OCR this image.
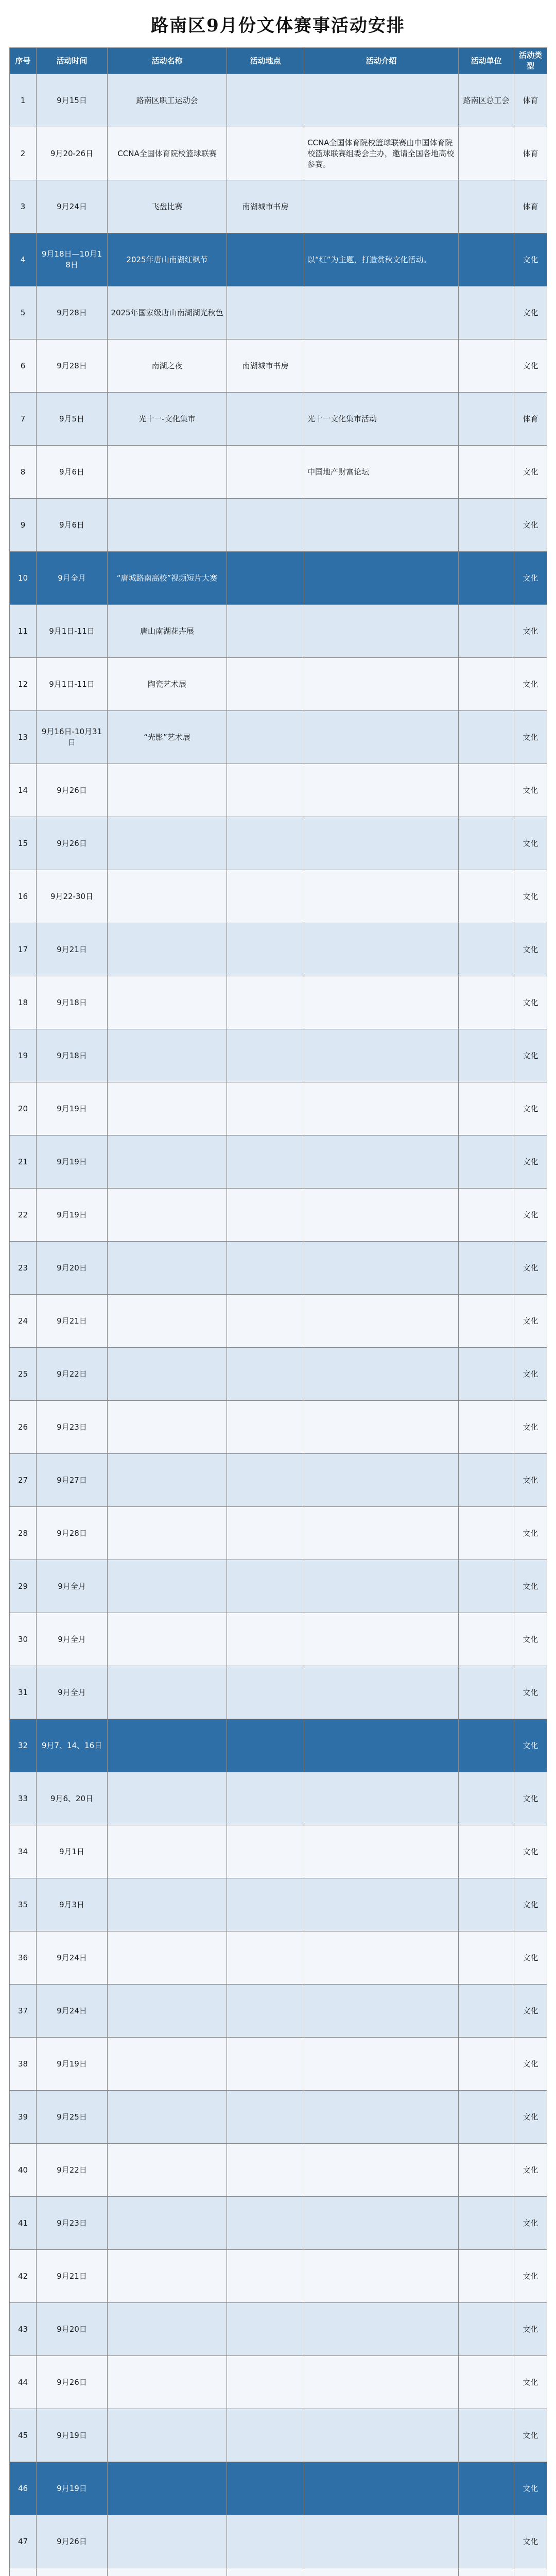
路南区9月份文体赛事活动安排
序号	活动时间	活动名称	活动地点	活动介绍	活动单位	活动类型
1	9月15日	路南区职工运动会			路南区总工会	体育
2	9月20-26日	CCNA全国体育院校篮球联赛		CCNA全国体育院校篮球联赛由中国体育院校篮球联赛组委会主办，邀请全国各地高校参赛。		体育
3	9月24日	飞盘比赛	南湖城市书房			体育
4	9月18日—10月18日	2025年唐山南湖红枫节		以“红”为主题，打造赏秋文化活动。		文化
5	9月28日	2025年国家级唐山南湖湖光秋色				文化
6	9月28日	南湖之夜	南湖城市书房			文化
7	9月5日	光十一-文化集市		光十一文化集市活动		体育
8	9月6日			中国地产财富论坛		文化
9	9月6日					文化
10	9月全月	“唐城路南高校”视频短片大赛				文化
11	9月1日-11日	唐山南湖花卉展				文化
12	9月1日-11日	陶瓷艺术展				文化
13	9月16日-10月31日	“光影”艺术展				文化
14	9月26日					文化
15	9月26日					文化
16	9月22-30日					文化
17	9月21日					文化
18	9月18日					文化
19	9月18日					文化
20	9月19日					文化
21	9月19日					文化
22	9月19日					文化
23	9月20日					文化
24	9月21日					文化
25	9月22日					文化
26	9月23日					文化
27	9月27日					文化
28	9月28日					文化
29	9月全月					文化
30	9月全月					文化
31	9月全月					文化
32	9月7、14、16日					文化
33	9月6、20日					文化
34	9月1日					文化
35	9月3日					文化
36	9月24日					文化
37	9月24日					文化
38	9月19日					文化
39	9月25日					文化
40	9月22日					文化
41	9月23日					文化
42	9月21日					文化
43	9月20日					文化
44	9月26日					文化
45	9月19日					文化
46	9月19日					文化
47	9月26日					文化
